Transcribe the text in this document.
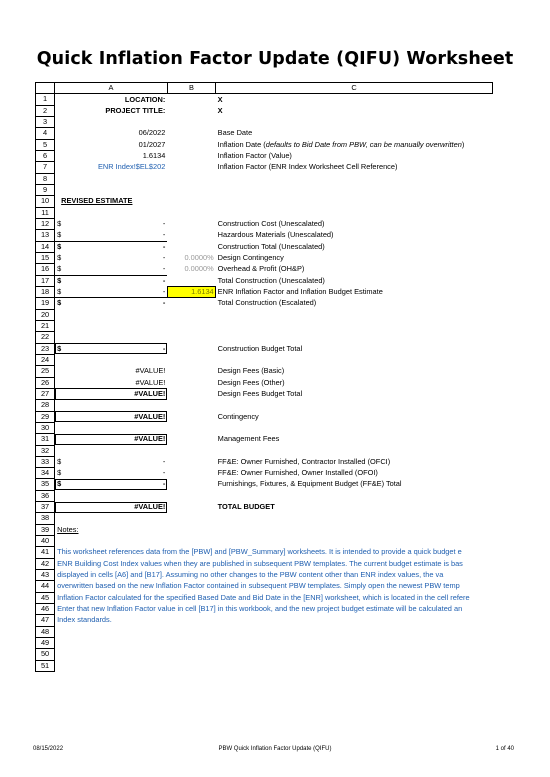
Quick Inflation Factor Update (QIFU) Worksheet
	A	B	C
1	LOCATION:		X
2	PROJECT TITLE:		X
3			
4	06/2022		Base Date
5	01/2027		Inflation Date (defaults to Bid Date from PBW, can be manually overwritten)
6	1.6134		Inflation Factor (Value)
7	ENR Index!$EL$202		Inflation Factor (ENR Index Worksheet Cell Reference)
8			
9			
10	REVISED ESTIMATE		
11			
12	$ -		Construction Cost (Unescalated)
13	$ -		Hazardous Materials (Unescalated)
14	$ -		Construction Total (Unescalated)
15	$ -	0.0000%	Design Contingency
16	$ -	0.0000%	Overhead & Profit (OH&P)
17	$ -		Total Construction (Unescalated)
18	$ -	1.6134	ENR Inflation Factor and Inflation Budget Estimate
19	$ -		Total Construction (Escalated)
20			
21			
22			
23	$ -		Construction Budget Total
24			
25	#VALUE!		Design Fees (Basic)
26	#VALUE!		Design Fees (Other)
27	#VALUE!		Design Fees Budget Total
28			
29	#VALUE!		Contingency
30			
31	#VALUE!		Management Fees
32			
33	$ -		FF&E: Owner Furnished, Contractor Installed (OFCI)
34	$ -		FF&E: Owner Furnished, Owner Installed (OFOI)
35	$ -		Furnishings, Fixtures, & Equipment Budget (FF&E) Total
36			
37	#VALUE!		TOTAL BUDGET
38			
39	Notes:		
40			
41	This worksheet references data from the [PBW] and [PBW_Summary] worksheets. It is intended to provide a quick budget e		
42	ENR Building Cost Index values when they are published in subsequent PBW templates. The current budget estimate is bas		
43	displayed in cells [A6] and [B17]. Assuming no other changes to the PBW content other than ENR index values, the va		
44	overwritten based on the new Inflation Factor contained in subsequent PBW templates. Simply open the newest PBW temp		
45	Inflation Factor calculated for the specified Based Date and Bid Date in the [ENR] worksheet, which is located in the cell refere		
46	Enter that new Inflation Factor value in cell [B17] in this workbook, and the new project budget estimate will be calculated an		
47	Index standards.		
48			
49			
50			
51			
08/15/2022	PBW Quick Inflation Factor Update (QIFU)	1 of 40
